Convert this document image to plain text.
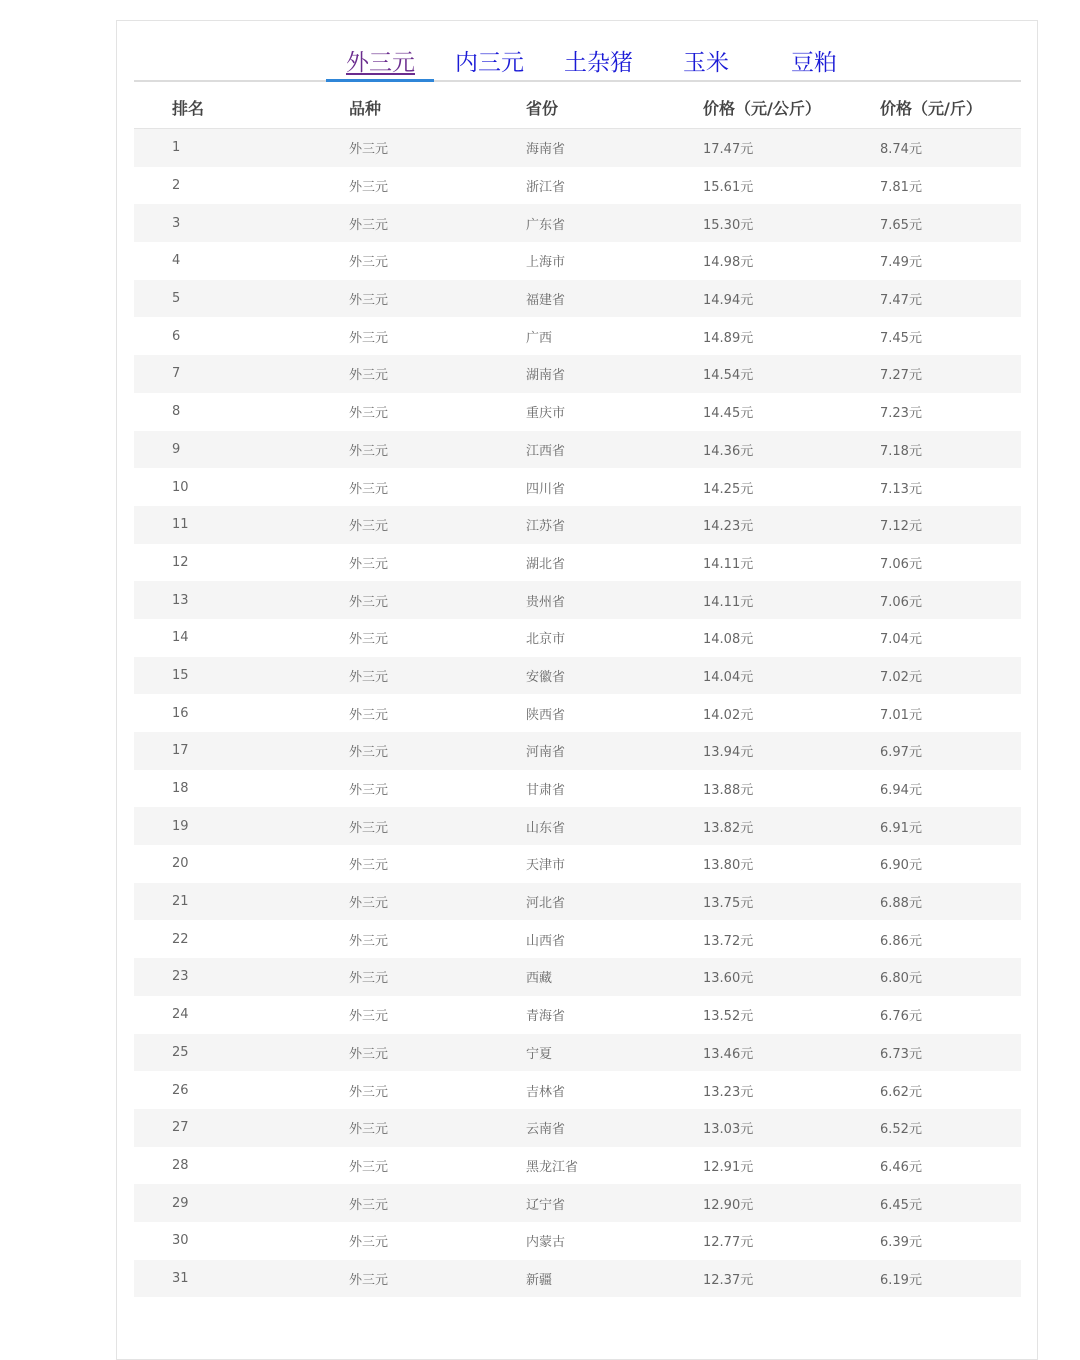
外三元 内三元 土杂猪 玉米	豆粕
排名	品种	省份	价格（元/公斤）	价格（元/斤）
1	外三元	海南省	17.47元	8.74元
2	外三元	浙江省	15.61元	7.81元
3	外三元	广东省	15.30元	7.65元
4	外三元	上海市	14.98元	7.49元
5	外三元	福建省	14.94元	7.47元
6	外三元	广西	14.89元	7.45元
7	外三元	湖南省	14.54元	7.27元
8	外三元	重庆市	14.45元	7.23元
9	外三元	江西省	14.36元	7.18元
10	外三元	四川省	14.25元	7.13元
11	外三元	江苏省	14.23元	7.12元
12	外三元	湖北省	14.11元	7.06元
13	外三元	贵州省	14.11元	7.06元
14	外三元	北京市	14.08元	7.04元
15	外三元	安徽省	14.04元	7.02元
16	外三元	陕西省	14.02元	7.01元
17	外三元	河南省	13.94元	6.97元
18	外三元	甘肃省	13.88元	6.94元
19	外三元	山东省	13.82元	6.91元
20	外三元	天津市	13.80元	6.90元
21	外三元	河北省	13.75元	6.88元
22	外三元	山西省	13.72元	6.86元
23	外三元	西藏	13.60元	6.80元
24	外三元	青海省	13.52元	6.76元
25	外三元	宁夏	13.46元	6.73元
26	外三元	吉林省	13.23元	6.62元
27	外三元	云南省	13.03元	6.52元
28	外三元	黑龙江省	12.91元	6.46元
29	外三元	辽宁省	12.90元	6.45元
30	外三元	内蒙古	12.77元	6.39元
31	外三元	新疆	12.37元	6.19元
